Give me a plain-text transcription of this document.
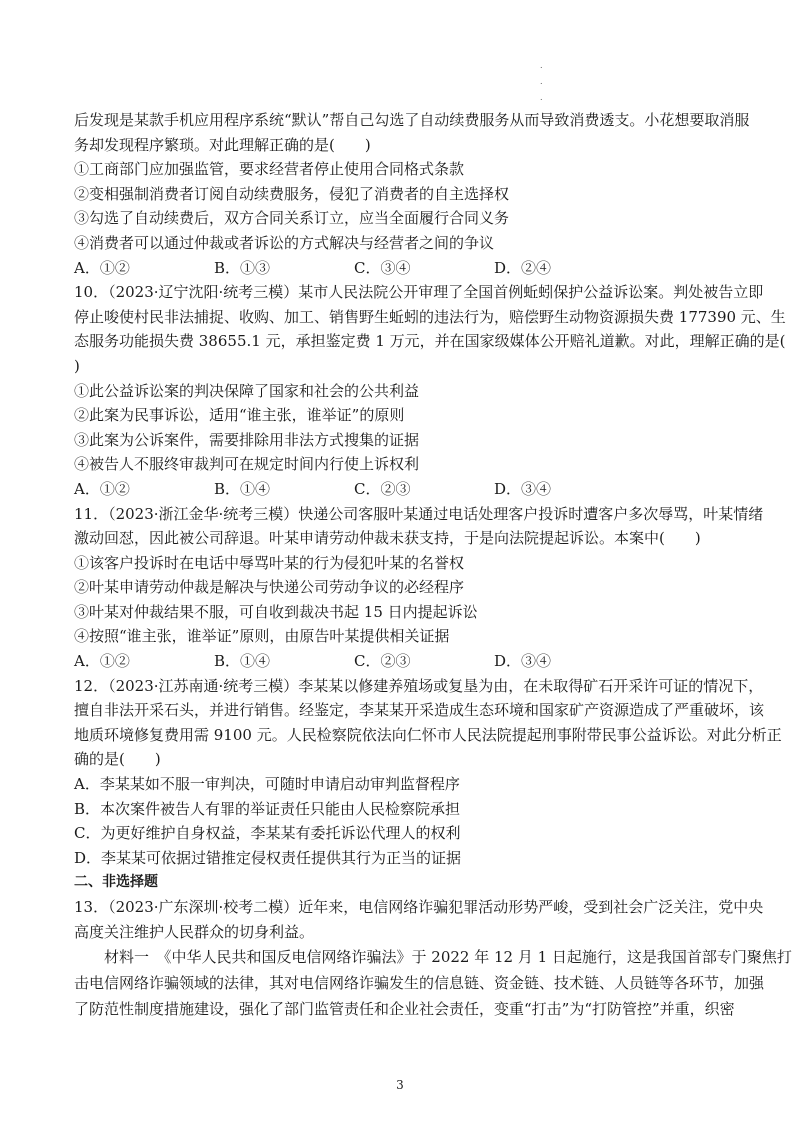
.
.
.
后发现是某款手机应用程序系统“默认”帮自己勾选了自动续费服务从而导致消费透支。小花想要取消服
务却发现程序繁琐。对此理解正确的是(　　)
①工商部门应加强监管，要求经营者停止使用合同格式条款
②变相强制消费者订阅自动续费服务，侵犯了消费者的自主选择权
③勾选了自动续费后，双方合同关系订立，应当全面履行合同义务
④消费者可以通过仲裁或者诉讼的方式解决与经营者之间的争议
A．①②	B．①③	C．③④	D．②④
10．（2023·辽宁沈阳·统考三模）某市人民法院公开审理了全国首例蚯蚓保护公益诉讼案。判处被告立即
停止唆使村民非法捕捉、收购、加工、销售野生蚯蚓的违法行为，赔偿野生动物资源损失费 177390 元、生
态服务功能损失费 38655.1 元，承担鉴定费 1 万元，并在国家级媒体公开赔礼道歉。对此，理解正确的是(
)
①此公益诉讼案的判决保障了国家和社会的公共利益
②此案为民事诉讼，适用“谁主张，谁举证”的原则
③此案为公诉案件，需要排除用非法方式搜集的证据
④被告人不服终审裁判可在规定时间内行使上诉权利
A．①②	B．①④	C．②③	D．③④
11．（2023·浙江金华·统考三模）快递公司客服叶某通过电话处理客户投诉时遭客户多次辱骂，叶某情绪
激动回怼，因此被公司辞退。叶某申请劳动仲裁未获支持，于是向法院提起诉讼。本案中(　　)
①该客户投诉时在电话中辱骂叶某的行为侵犯叶某的名誉权
②叶某申请劳动仲裁是解决与快递公司劳动争议的必经程序
③叶某对仲裁结果不服，可自收到裁决书起 15 日内提起诉讼
④按照“谁主张，谁举证”原则，由原告叶某提供相关证据
A．①②	B．①④	C．②③	D．③④
12．（2023·江苏南通·统考三模）李某某以修建养殖场或复垦为由，在未取得矿石开采许可证的情况下，
擅自非法开采石头，并进行销售。经鉴定，李某某开采造成生态环境和国家矿产资源造成了严重破坏，该
地质环境修复费用需 9100 元。人民检察院依法向仁怀市人民法院提起刑事附带民事公益诉讼。对此分析正
确的是(　　)
A．李某某如不服一审判决，可随时申请启动审判监督程序
B．本次案件被告人有罪的举证责任只能由人民检察院承担
C．为更好维护自身权益，李某某有委托诉讼代理人的权利
D．李某某可依据过错推定侵权责任提供其行为正当的证据
二、非选择题
13．（2023·广东深圳·校考二模）近年来，电信网络诈骗犯罪活动形势严峻，受到社会广泛关注，党中央
高度关注维护人民群众的切身利益。
材料一　《中华人民共和国反电信网络诈骗法》于 2022 年 12 月 1 日起施行，这是我国首部专门聚焦打
击电信网络诈骗领域的法律，其对电信网络诈骗发生的信息链、资金链、技术链、人员链等各环节，加强
了防范性制度措施建设，强化了部门监管责任和企业社会责任，变重“打击”为“打防管控”并重，织密
3
